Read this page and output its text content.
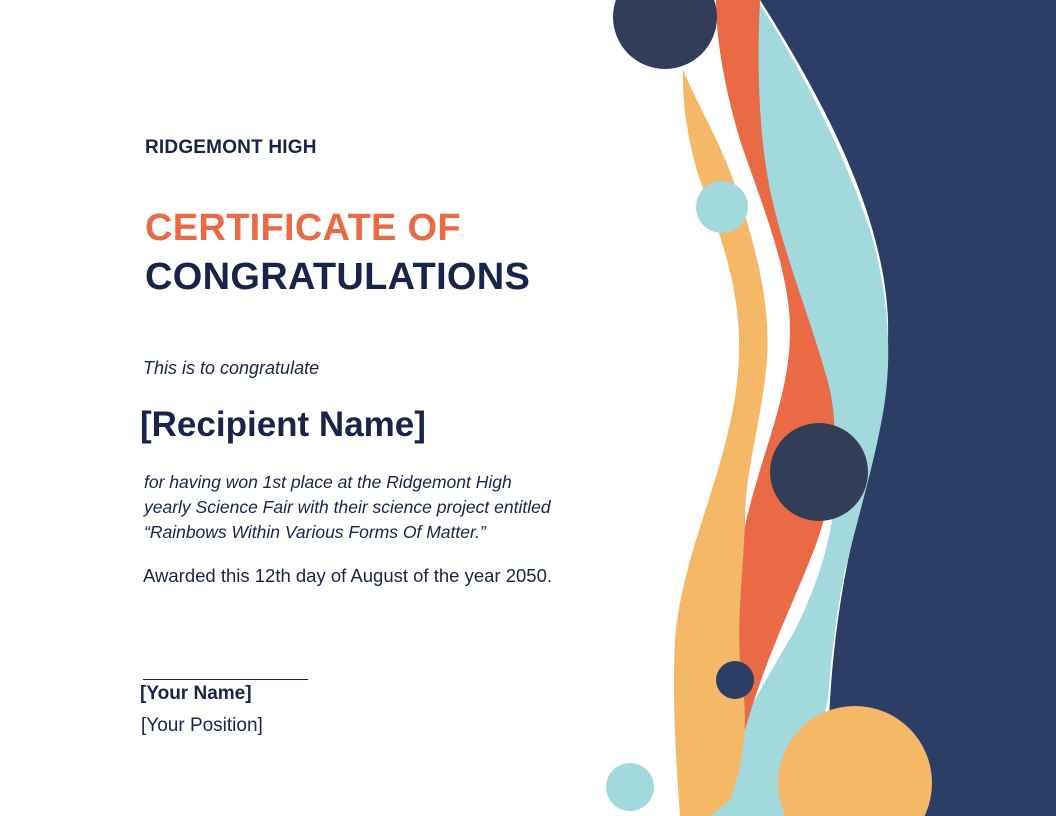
RIDGEMONT HIGH
CERTIFICATE OF
CONGRATULATIONS
This is to congratulate
[Recipient Name]
for having won 1st place at the Ridgemont High
yearly Science Fair with their science project entitled
“Rainbows Within Various Forms Of Matter.”
Awarded this 12th day of August of the year 2050.
[Your Name]
[Your Position]
